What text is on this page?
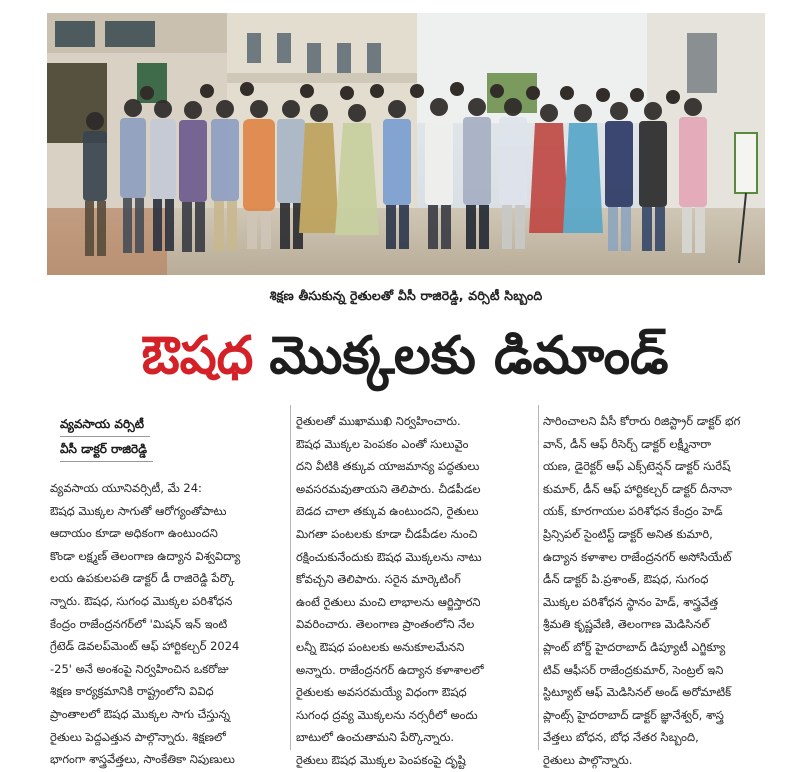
శిక్షణ తీసుకున్న రైతులతో వీసీ రాజిరెడ్డి, వర్సిటీ సిబ్బంది
ఔషధ మొక్కలకు డిమాండ్
వ్యవసాయ వర్సిటీ
వీసీ డాక్టర్ రాజిరెడ్డి

వ్యవసాయ యూనివర్సిటీ, మే 24:

ఔషధ మొక్కల సాగుతో ఆరోగ్యంతోపాటు

ఆదాయం కూడా అధికంగా ఉంటుందని

కొండా లక్ష్మణ్ తెలంగాణ ఉద్యాన విశ్వవిద్యా

లయ ఉపకులపతి డాక్టర్ డీ రాజిరెడ్డి పేర్కొ

న్నారు. ఔషధ, సుగంధ మొక్కల పరిశోధన

కేంద్రం రాజేంద్రనగర్‌లో 'మిషన్ ఇన్ ఇంటి

గ్రేటెడ్ డెవలప్‌మెంట్ ఆఫ్ హార్టికల్చర్ 2024

-25' అనే అంశంపై నిర్వహించిన ఒకరోజు

శిక్షణ కార్యక్రమానికి రాష్ట్రంలోని వివిధ

ప్రాంతాలలో ఔషధ మొక్కల సాగు చేస్తున్న

రైతులు పెద్దఎత్తున పాల్గొన్నారు. శిక్షణలో

భాగంగా శాస్త్రవేత్తలు, సాంకేతికా నిపుణులు

రైతులతో ముఖాముఖి నిర్వహించారు.

ఔషధ మొక్కల పెంపకం ఎంతో సులువైం

దని వీటికి తక్కువ యాజమాన్య పద్ధతులు

అవసరమవుతాయని తెలిపారు. చీడపీడల

బెడద చాలా తక్కువ ఉంటుందని, రైతులు

మిగతా పంటలకు కూడా చీడపీడల నుంచి

రక్షించుకునేందుకు ఔషధ మొక్కలను నాటు

కోవచ్చని తెలిపారు. సరైన మార్కెటింగ్

ఉంటే రైతులు మంచి లాభాలను ఆర్జిస్తారని

వివరించారు. తెలంగాణ ప్రాంతంలోని నేల

లన్నీ ఔషధ పంటలకు అనుకూలమేనని

అన్నారు. రాజేంద్రనగర్ ఉద్యాన కళాశాలలో

రైతులకు అవసరమయ్యే విధంగా ఔషధ

సుగంధ ద్రవ్య మొక్కలను నర్సరీలో అందు

బాటులో ఉంచుతామని పేర్కొన్నారు.

రైతులు ఔషధ మొక్కల పెంపకంపై దృష్టి

సారించాలని వీసీ కోరారు రిజిస్ట్రార్ డాక్టర్ భగ

వాన్, డీన్ ఆఫ్ రీసెర్చ్ డాక్టర్ లక్ష్మీనారా

యణ, డైరెక్టర్ ఆఫ్ ఎక్స్‌టెన్షన్ డాక్టర్ సురేష్

కుమార్, డీన్ ఆఫ్ హార్టికల్చర్ డాక్టర్ దీనానా

యక్, కూరగాయల పరిశోధన కేంద్రం హెడ్

ప్రిన్సిపల్ సైంటిస్ట్ డాక్టర్ అనిత కుమారి,

ఉద్యాన కళాశాల రాజేంద్రనగర్ అసోసియేట్

డీన్ డాక్టర్ పి.ప్రశాంత్, ఔషధ, సుగంధ

మొక్కల పరిశోధన స్థానం హెడ్, శాస్త్రవేత్త

శ్రీమతి కృష్ణవేణి, తెలంగాణ మెడిసినల్

ప్లాంట్ బోర్డ్ హైదరాబాద్ డిప్యూటీ ఎగ్జిక్యూ

టివ్ ఆఫీసర్ రాజేంద్రకుమార్, సెంట్రల్ ఇని

స్టిట్యూట్ ఆఫ్ మెడిసినల్ అండ్ అరోమాటిక్

ప్లాంట్స్ హైదరాబాద్ డాక్టర్ జ్ఞానేశ్వర్, శాస్త్ర

వేత్తలు బోధన, బోధ నేతర సిబ్బంది,

రైతులు పాల్గొన్నారు.
